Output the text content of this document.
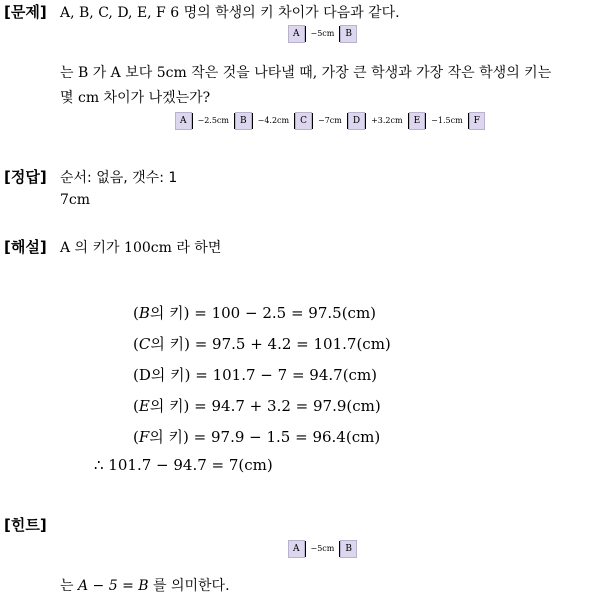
[문제] A, B, C, D, E, F 6 명의 학생의 키 차이가 다음과 같다.
A	−5cm	B
는 B 가 A 보다 5cm 작은 것을 나타낼 때, 가장 큰 학생과 가장 작은 학생의 키는
몇 cm 차이가 나겠는가?
A	−2.5cm	B	−4.2cm	C	−7cm	D	+3.2cm	E	−1.5cm	F
[정답] 순서: 없음, 갯수: 1
7cm
[해설] A 의 키가 100cm 라 하면
(B의 키) = 100 − 2.5 = 97.5(cm)
(C의 키) = 97.5 + 4.2 = 101.7(cm)
(D의 키) = 101.7 − 7 = 94.7(cm)
(E의 키) = 94.7 + 3.2 = 97.9(cm)
(F의 키) = 97.9 − 1.5 = 96.4(cm)
∴ 101.7 − 94.7 = 7(cm)
[힌트]
A	−5cm	B
는 A − 5 = B 를 의미한다.
